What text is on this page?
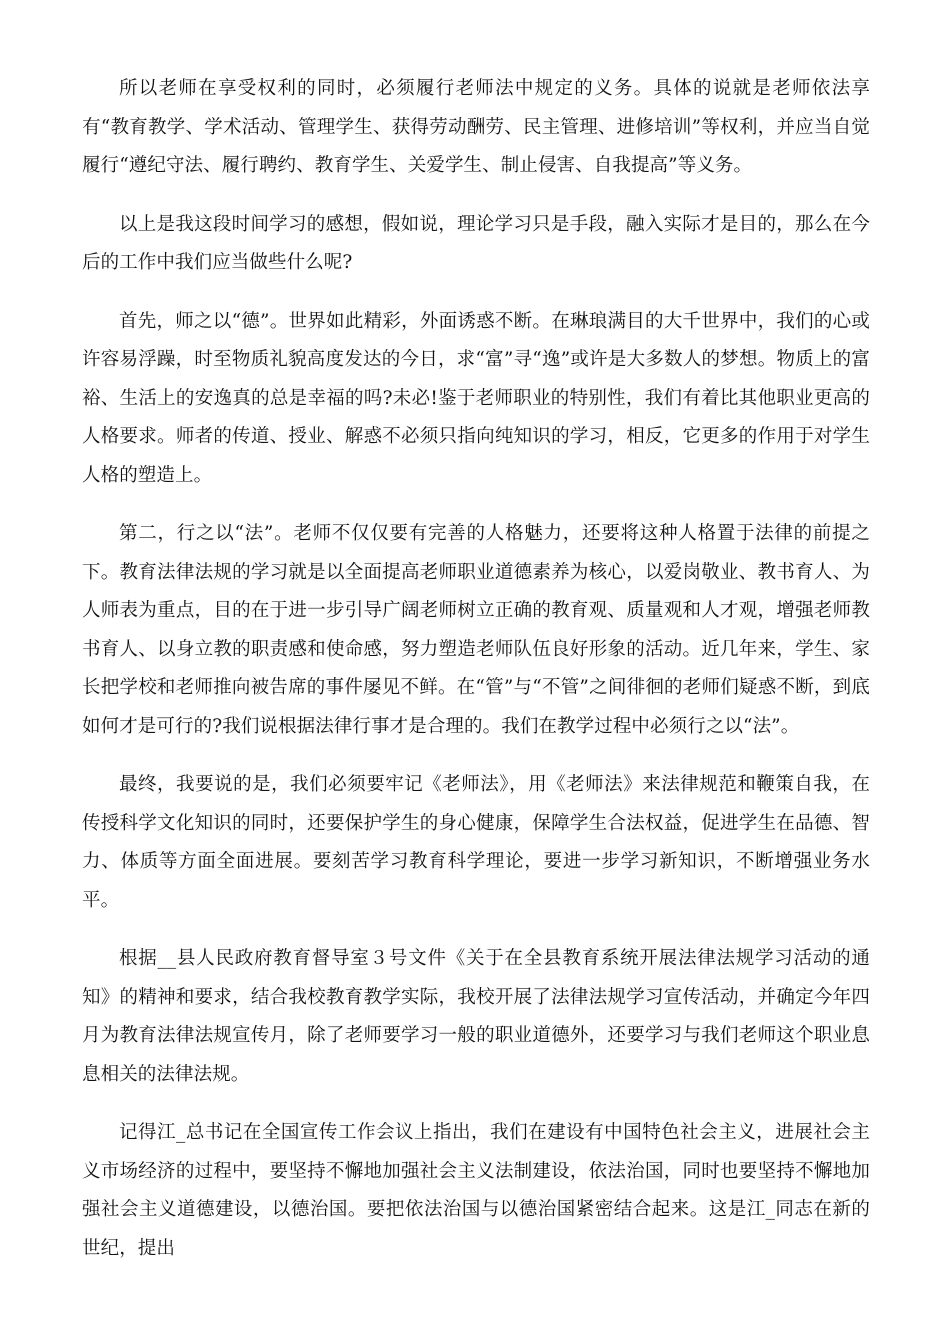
所以老师在享受权利的同时，必须履行老师法中规定的义务。具体的说就是老师依法享有“教育教学、学术活动、管理学生、获得劳动酬劳、民主管理、进修培训”等权利，并应当自觉履行“遵纪守法、履行聘约、教育学生、关爱学生、制止侵害、自我提高”等义务。

以上是我这段时间学习的感想，假如说，理论学习只是手段，融入实际才是目的，那么在今后的工作中我们应当做些什么呢?

首先，师之以“德”。世界如此精彩，外面诱惑不断。在琳琅满目的大千世界中，我们的心或许容易浮躁，时至物质礼貌高度发达的今日，求“富”寻“逸”或许是大多数人的梦想。物质上的富裕、生活上的安逸真的总是幸福的吗?未必!鉴于老师职业的特别性，我们有着比其他职业更高的人格要求。师者的传道、授业、解惑不必须只指向纯知识的学习，相反，它更多的作用于对学生人格的塑造上。

第二，行之以“法”。老师不仅仅要有完善的人格魅力，还要将这种人格置于法律的前提之下。教育法律法规的学习就是以全面提高老师职业道德素养为核心，以爱岗敬业、教书育人、为人师表为重点，目的在于进一步引导广阔老师树立正确的教育观、质量观和人才观，增强老师教书育人、以身立教的职责感和使命感，努力塑造老师队伍良好形象的活动。近几年来，学生、家长把学校和老师推向被告席的事件屡见不鲜。在“管”与“不管”之间徘徊的老师们疑惑不断，到底如何才是可行的?我们说根据法律行事才是合理的。我们在教学过程中必须行之以“法”。

最终，我要说的是，我们必须要牢记《老师法》，用《老师法》来法律规范和鞭策自我，在传授科学文化知识的同时，还要保护学生的身心健康，保障学生合法权益，促进学生在品德、智力、体质等方面全面进展。要刻苦学习教育科学理论，要进一步学习新知识，不断增强业务水平。

根据__县人民政府教育督导室３号文件《关于在全县教育系统开展法律法规学习活动的通知》的精神和要求，结合我校教育教学实际，我校开展了法律法规学习宣传活动，并确定今年四月为教育法律法规宣传月，除了老师要学习一般的职业道德外，还要学习与我们老师这个职业息息相关的法律法规。

记得江_总书记在全国宣传工作会议上指出，我们在建设有中国特色社会主义，进展社会主义市场经济的过程中，要坚持不懈地加强社会主义法制建设，依法治国，同时也要坚持不懈地加强社会主义道德建设，以德治国。要把依法治国与以德治国紧密结合起来。这是江_同志在新的世纪，提出
